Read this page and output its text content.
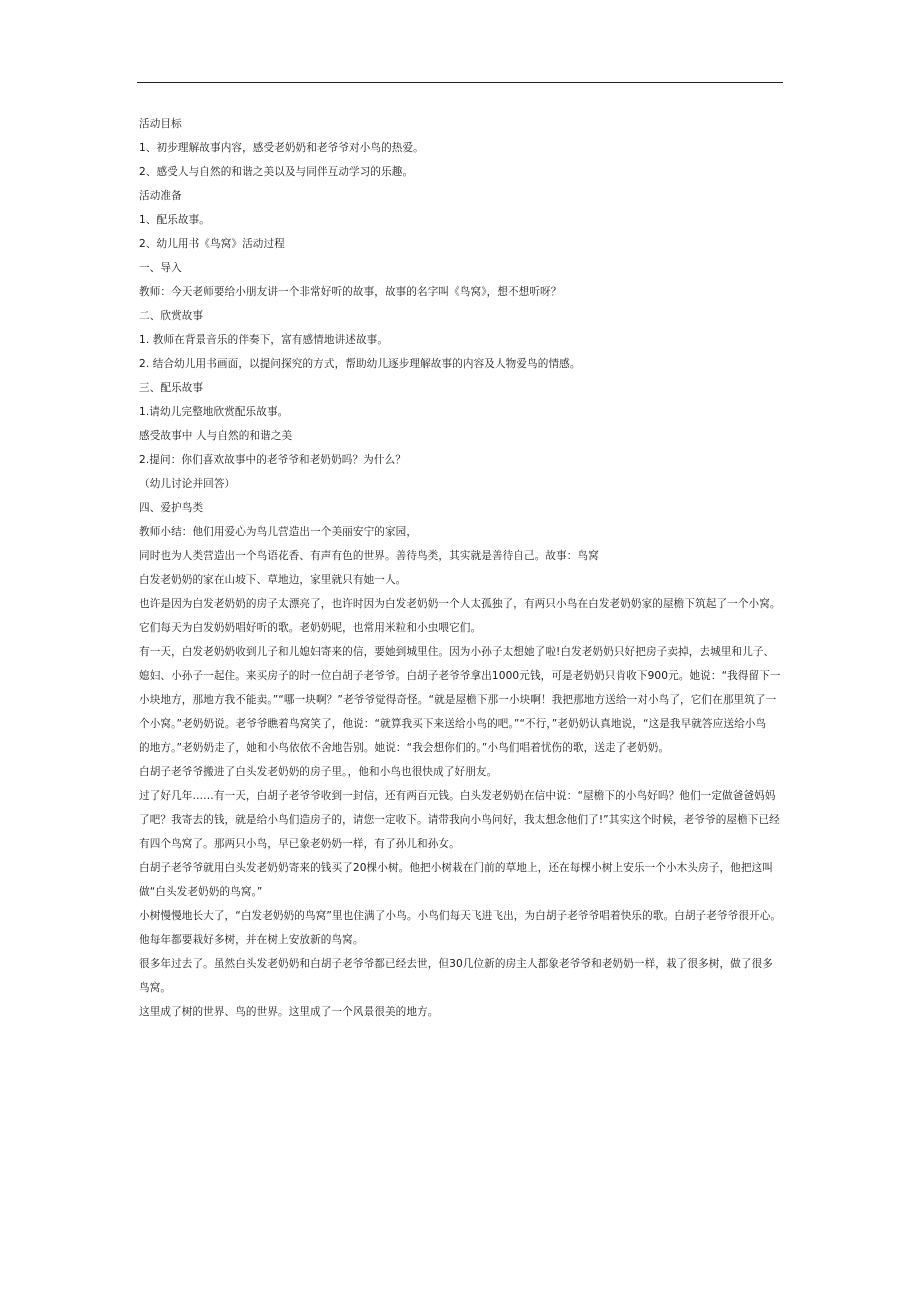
活动目标
1、初步理解故事内容，感受老奶奶和老爷爷对小鸟的热爱。
2、感受人与自然的和谐之美以及与同伴互动学习的乐趣。
活动准备
1、配乐故事。
2、幼儿用书《鸟窝》活动过程
一、导入
教师：今天老师要给小朋友讲一个非常好听的故事，故事的名字叫《鸟窝》，想不想听呀？
二、欣赏故事
1. 教师在背景音乐的伴奏下，富有感情地讲述故事。
2. 结合幼儿用书画面，以提问探究的方式，帮助幼儿逐步理解故事的内容及人物爱鸟的情感。
三、配乐故事
1.请幼儿完整地欣赏配乐故事。
感受故事中 人与自然的和谐之美
2.提问：你们喜欢故事中的老爷爷和老奶奶吗？为什么？
（幼儿讨论并回答）
四、爱护鸟类
教师小结：他们用爱心为鸟儿营造出一个美丽安宁的家园，
同时也为人类营造出一个鸟语花香、有声有色的世界。善待鸟类，其实就是善待自己。故事：鸟窝
白发老奶奶的家在山坡下、草地边，家里就只有她一人。
也许是因为白发老奶奶的房子太漂亮了，也许时因为白发老奶奶一个人太孤独了，有两只小鸟在白发老奶奶家的屋檐下筑起了一个小窝。
它们每天为白发奶奶唱好听的歌。老奶奶呢，也常用米粒和小虫喂它们。
有一天，白发老奶奶收到儿子和儿媳妇寄来的信，要她到城里住。因为小孙子太想她了啦!白发老奶奶只好把房子卖掉，去城里和儿子、
媳妇、小孙子一起住。来买房子的时一位白胡子老爷爷。白胡子老爷爷拿出1000元钱，可是老奶奶只肯收下900元。她说：“我得留下一
小块地方，那地方我不能卖。”“哪一块啊？”老爷爷觉得奇怪。“就是屋檐下那一小块啊！我把那地方送给一对小鸟了，它们在那里筑了一
个小窝。”老奶奶说。老爷爷瞧着鸟窝笑了，他说：“就算我买下来送给小鸟的吧。”“不行，”老奶奶认真地说，“这是我早就答应送给小鸟
的地方。”老奶奶走了，她和小鸟依依不舍地告别。她说：“我会想你们的。”小鸟们唱着忧伤的歌，送走了老奶奶。
白胡子老爷爷搬进了白头发老奶奶的房子里。，他和小鸟也很快成了好朋友。
过了好几年……有一天，白胡子老爷爷收到一封信，还有两百元钱。白头发老奶奶在信中说：“屋檐下的小鸟好吗？他们一定做爸爸妈妈
了吧？我寄去的钱，就是给小鸟们造房子的，请您一定收下。请带我向小鸟问好，我太想念他们了!”其实这个时候，老爷爷的屋檐下已经
有四个鸟窝了。那两只小鸟，早已象老奶奶一样，有了孙儿和孙女。
白胡子老爷爷就用白头发老奶奶寄来的钱买了20棵小树。他把小树栽在门前的草地上，还在每棵小树上安乐一个小木头房子，他把这叫
做“白头发老奶奶的鸟窝。”
小树慢慢地长大了，“白发老奶奶的鸟窝”里也住满了小鸟。小鸟们每天飞进飞出，为白胡子老爷爷唱着快乐的歌。白胡子老爷爷很开心。
他每年都要栽好多树，并在树上安放新的鸟窝。
很多年过去了。虽然白头发老奶奶和白胡子老爷爷都已经去世，但30几位新的房主人都象老爷爷和老奶奶一样，栽了很多树，做了很多
鸟窝。
这里成了树的世界、鸟的世界。这里成了一个风景很美的地方。
